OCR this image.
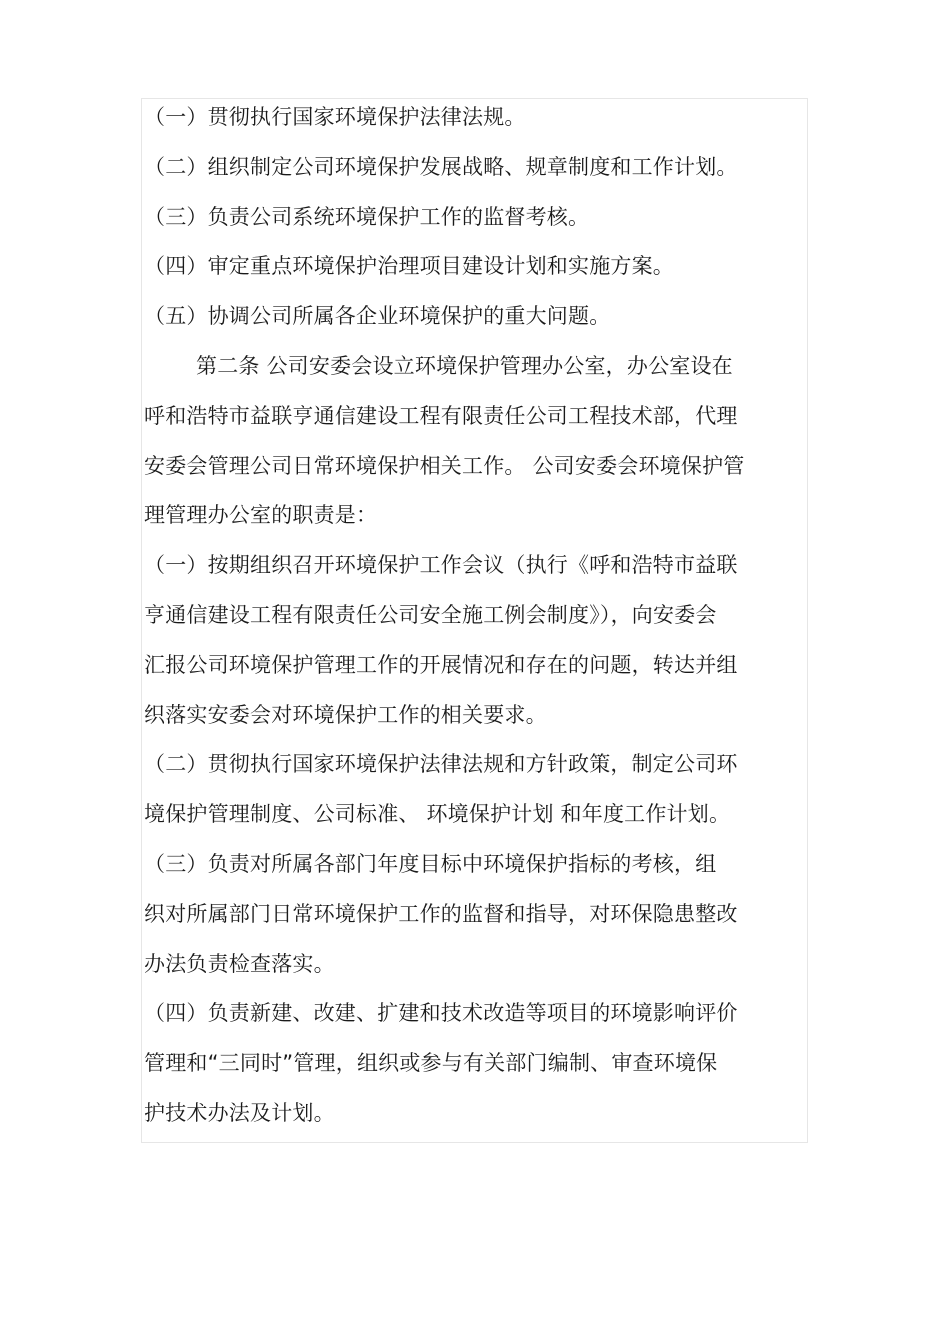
（一）贯彻执行国家环境保护法律法规。
（二）组织制定公司环境保护发展战略、规章制度和工作计划。
（三）负责公司系统环境保护工作的监督考核。
（四）审定重点环境保护治理项目建设计划和实施方案。
（五）协调公司所属各企业环境保护的重大问题。
第二条 公司安委会设立环境保护管理办公室，办公室设在
呼和浩特市益联亨通信建设工程有限责任公司工程技术部，代理
安委会管理公司日常环境保护相关工作。 公司安委会环境保护管
理管理办公室的职责是：
（一）按期组织召开环境保护工作会议（执行《呼和浩特市益联
亨通信建设工程有限责任公司安全施工例会制度》），向安委会
汇报公司环境保护管理工作的开展情况和存在的问题，转达并组
织落实安委会对环境保护工作的相关要求。
（二）贯彻执行国家环境保护法律法规和方针政策，制定公司环
境保护管理制度、公司标准、 环境保护计划 和年度工作计划。
（三）负责对所属各部门年度目标中环境保护指标的考核，组
织对所属部门日常环境保护工作的监督和指导，对环保隐患整改
办法负责检查落实。
（四）负责新建、改建、扩建和技术改造等项目的环境影响评价
管理和“三同时”管理，组织或参与有关部门编制、审查环境保
护技术办法及计划。
